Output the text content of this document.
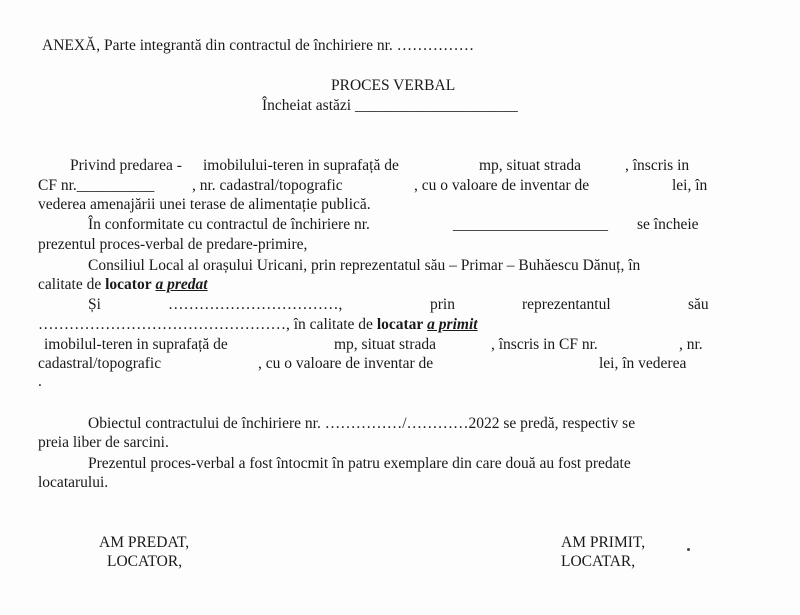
ANEXĂ, Parte integrantă din contractul de închiriere nr. ……………
PROCES VERBAL
Încheiat astăzi _____________________
Privind predarea - imobilului-teren in suprafață de	mp, situat strada	, înscris in
CF nr.__________ , nr. cadastral/topografic	, cu o valoare de inventar de	lei, în
vederea amenajării unei terase de alimentație publică.
În conformitate cu contractul de închiriere nr.	____________________ se încheie
prezentul proces-verbal de predare-primire,
Consiliul Local al orașului Uricani, prin reprezentatul său – Primar – Buhăescu Dănuț, în
calitate de locator a predat
Și	……………………………,	prin	reprezentantul	său
…………………………………………, în calitate de locatar a primit
imobilul-teren in suprafață de	mp, situat strada	, înscris in CF nr.	, nr.
cadastral/topografic	, cu o valoare de inventar de	lei, în vederea
.
Obiectul contractului de închiriere nr. ……………/…………2022 se predă, respectiv se
preia liber de sarcini.
Prezentul proces-verbal a fost întocmit în patru exemplare din care două au fost predate
locatarului.
AM PREDAT,
LOCATOR,
AM PRIMIT,
LOCATAR,
